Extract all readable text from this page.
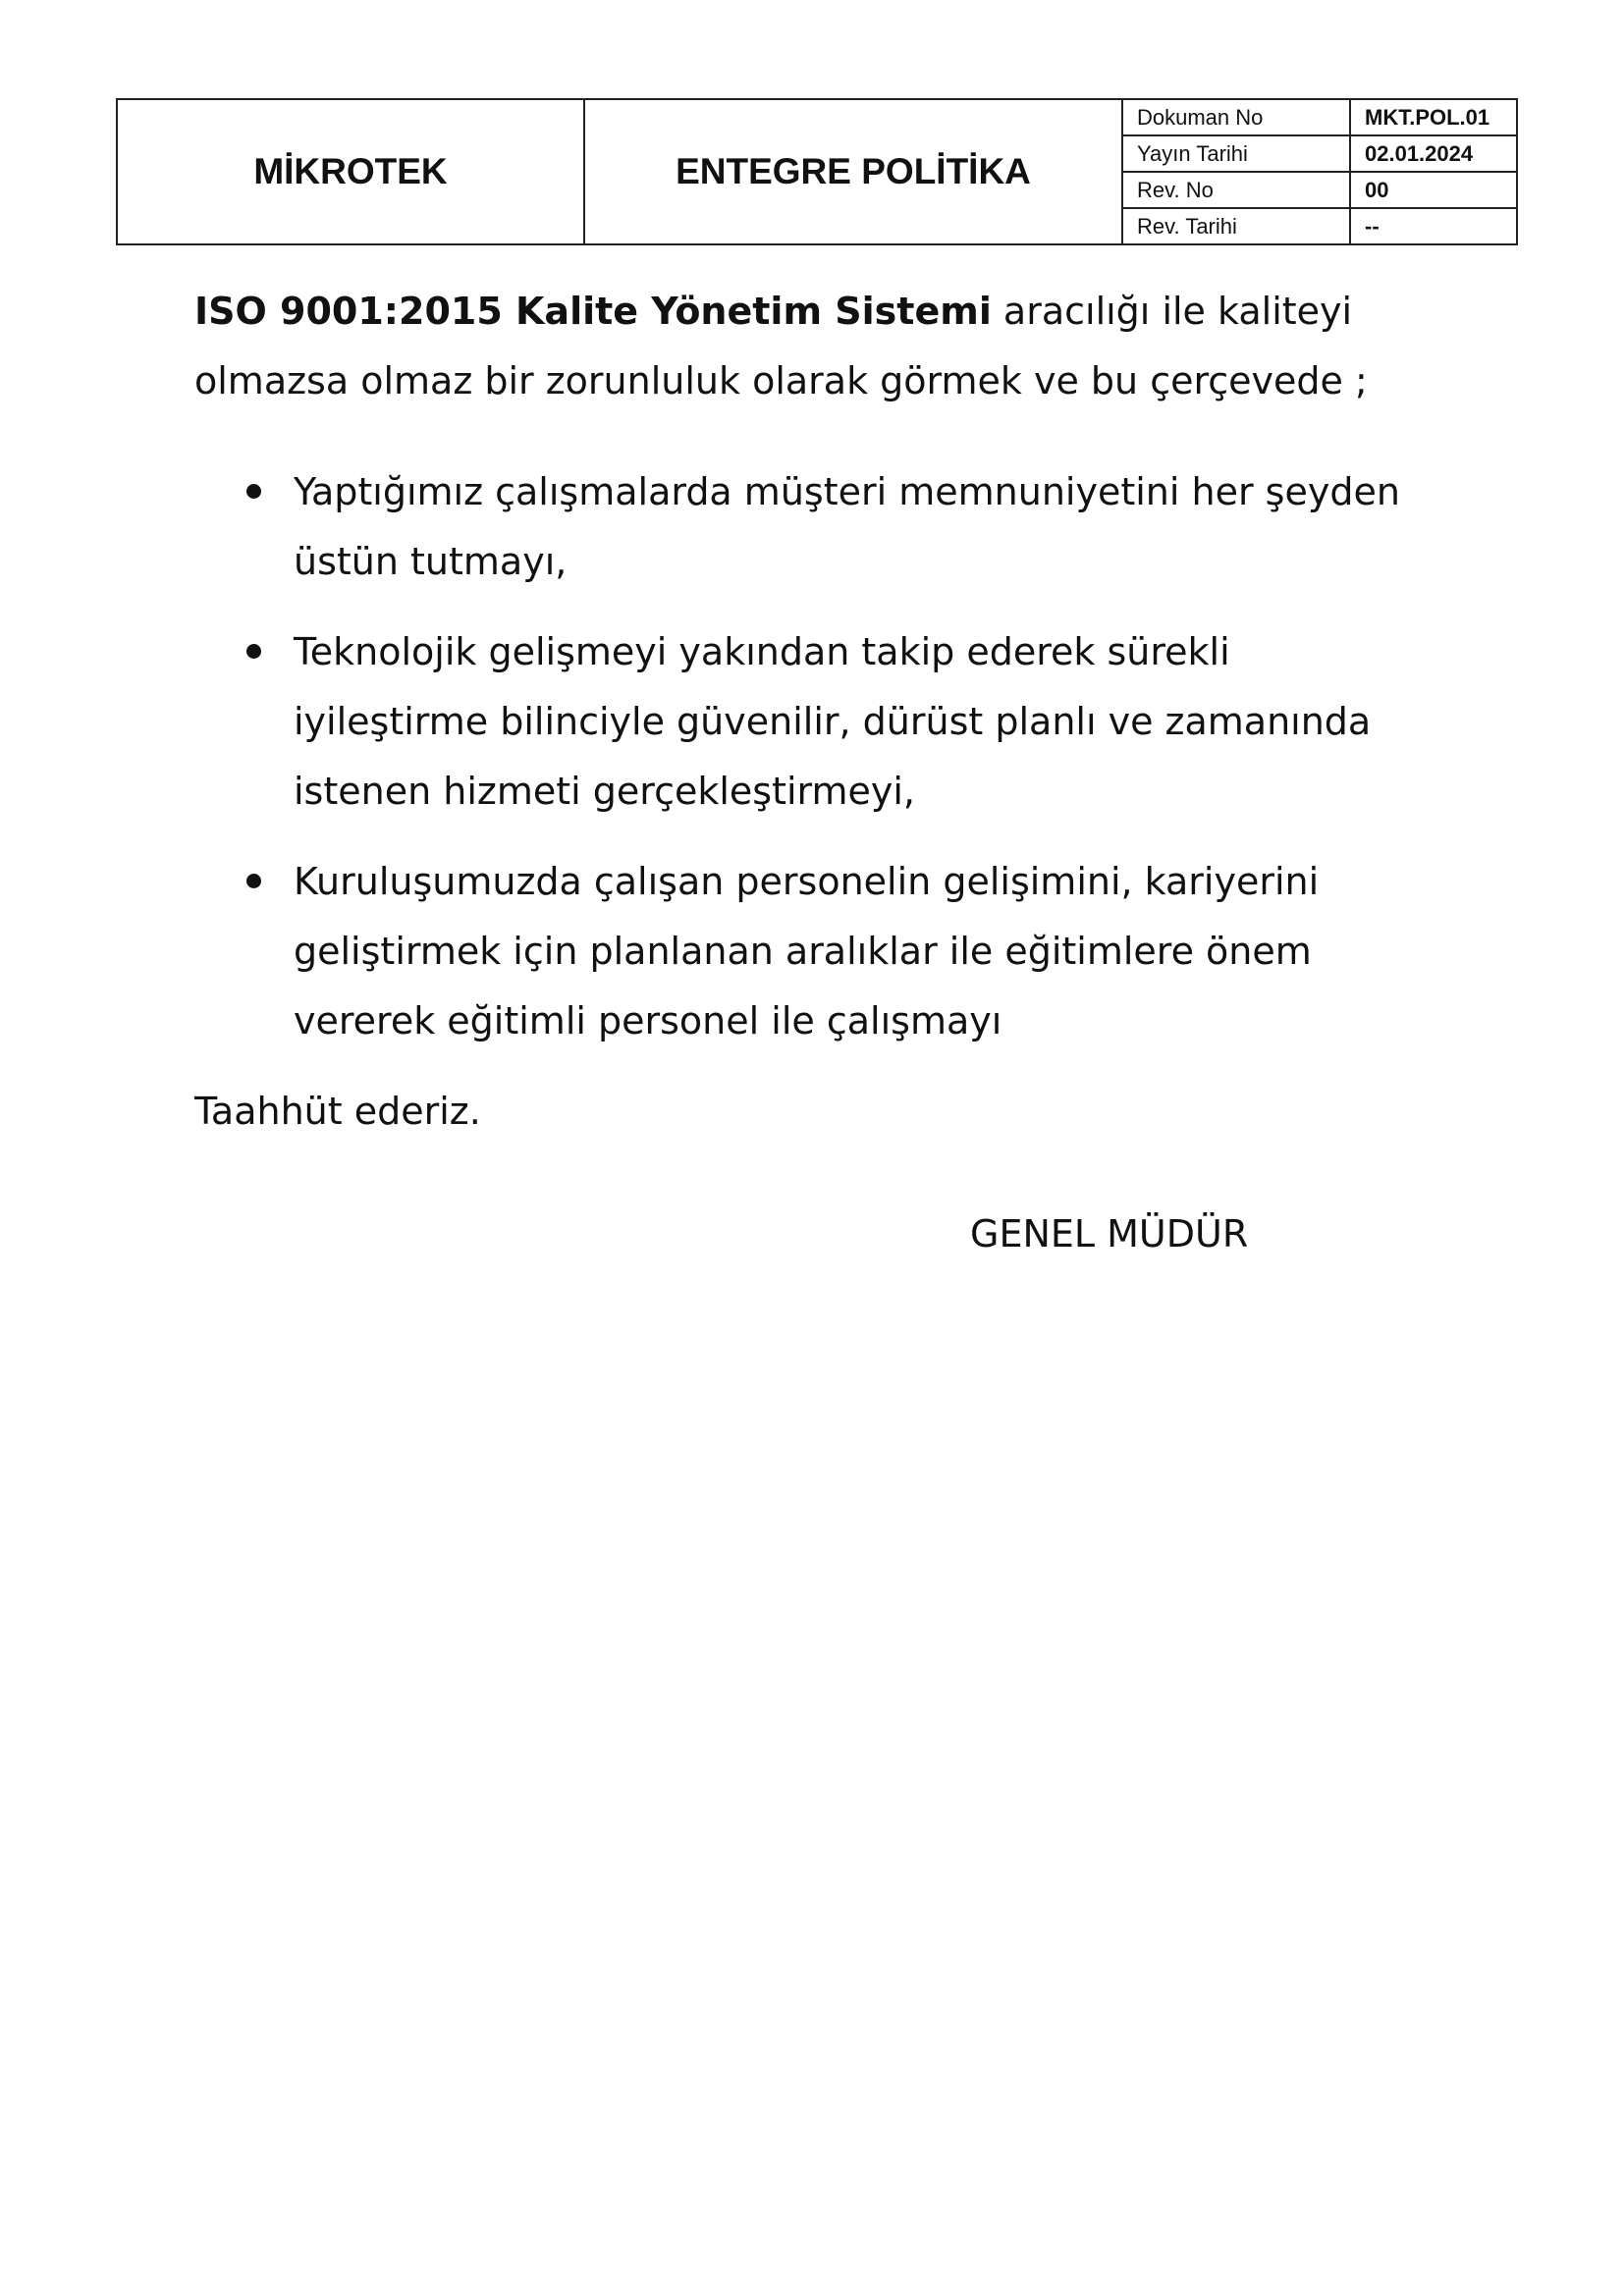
MİKROTEK	ENTEGRE POLİTİKA	
Dokuman No	MKT.POL.01
Yayın Tarihi	02.01.2024
Rev. No	00
Rev. Tarihi	--

ISO 9001:2015 Kalite Yönetim Sistemi aracılığı ile kaliteyi olmazsa olmaz bir zorunluluk olarak görmek ve bu çerçevede ;

Yaptığımız çalışmalarda müşteri memnuniyetini her şeyden üstün tutmayı,
Teknolojik gelişmeyi yakından takip ederek sürekli iyileştirme bilinciyle güvenilir, dürüst planlı ve zamanında istenen hizmeti gerçekleştirmeyi,
Kuruluşumuzda çalışan personelin gelişimini, kariyerini geliştirmek için planlanan aralıklar ile eğitimlere önem vererek eğitimli personel ile çalışmayı

Taahhüt ederiz.

GENEL MÜDÜR
